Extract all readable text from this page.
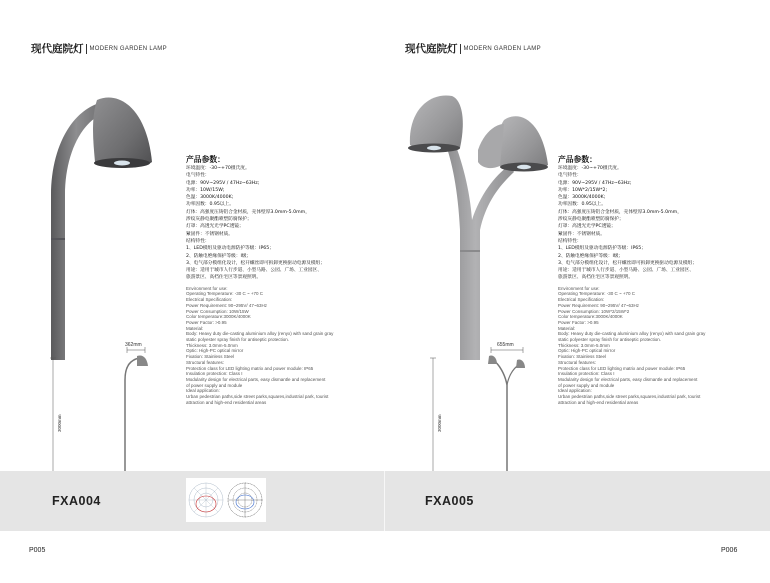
现代庭院灯 MODERN GARDEN LAMP
产品参数：
环境温度：-30~+70摄氏度。
电气特性：
电源：90V~295V / 47Hz~63Hz;
功率：10W/15W;
色温：3000K/4000K;
功率因数：0.95以上。
灯体：高强度压铸铝合金材质，壳体壁厚3.0mm-5.0mm，
涉纹灰静电聚酯喷塑防腐保护；
灯罩：高透光光学PC透镜；
紧固件：不锈钢材质。
结构特性：
1、LED模组及驱动电源防护等级：IP65；
2、防触电绝缘保护等级：I级；
3、电气部分模组化设计，松开螺丝即可拆卸更换驱动电源及模组；
用途：适用于城市人行步道、小型马路、公园、广场、工业园区、
旅游景区、高档住宅区等景观照明。
Environment for use:
Operating Temperature: -30 C ~ +70 C
Electrical Specification:
Power Requirement: 90~295V/ 47~63Hz
Power Consumption: 10W/15W
Color temperature:3000K/4000K
Power Factor: >0.95
Material:
Body: Heavy duty die-casting aluminium alloy (renyx) with sand grain gray
static polyester spray finish for antiseptic protection.
Thickness: 3.0mm-5.0mm
Optic: High-PC optical mirror
Fixation: Stainless Steel
Structural features:
Protection class for LED lighting matrix and power module: IP65
Insulation protection: Class I
Modularity design for electrical parts, easy dismantle and replacement
of power supply and module
Ideal application:
Urban pedestrian paths,side street parks,squares,industrial park, tourist
attraction and high-end residential areas
362mm
3000mm
FXA004
P005
现代庭院灯 MODERN GARDEN LAMP
产品参数：
环境温度：-30~+70摄氏度。
电气特性：
电源：90V~295V / 47Hz~63Hz;
功率：10W*2/15W*2;
色温：3000K/4000K;
功率因数：0.95以上。
灯体：高强度压铸铝合金材质，壳体壁厚3.0mm-5.0mm，
涉纹灰静电聚酯喷塑防腐保护；
灯罩：高透光光学PC透镜；
紧固件：不锈钢材质。
结构特性：
1、LED模组及驱动电源防护等级：IP65；
2、防触电绝缘保护等级：I级；
3、电气部分模组化设计，松开螺丝即可拆卸更换驱动电源及模组；
用途：适用于城市人行步道、小型马路、公园、广场、工业园区、
旅游景区、高档住宅区等景观照明。
Environment for use:
Operating Temperature: -30 C ~ +70 C
Electrical Specification:
Power Requirement: 90~295V/ 47~63Hz
Power Consumption: 10W*2/15W*2
Color temperature:3000K/4000K
Power Factor: >0.95
Material:
Body: Heavy duty die-casting aluminium alloy (renyx) with sand grain gray
static polyester spray finish for antiseptic protection.
Thickness: 3.0mm-5.0mm
Optic: High-PC optical mirror
Fixation: Stainless Steel
Structural features:
Protection class for LED lighting matrix and power module: IP65
Insulation protection: Class I
Modularity design for electrical parts, easy dismantle and replacement
of power supply and module
Ideal application:
Urban pedestrian paths,side street parks,squares,industrial park, tourist
attraction and high-end residential areas
655mm
3000mm
FXA005
P006
